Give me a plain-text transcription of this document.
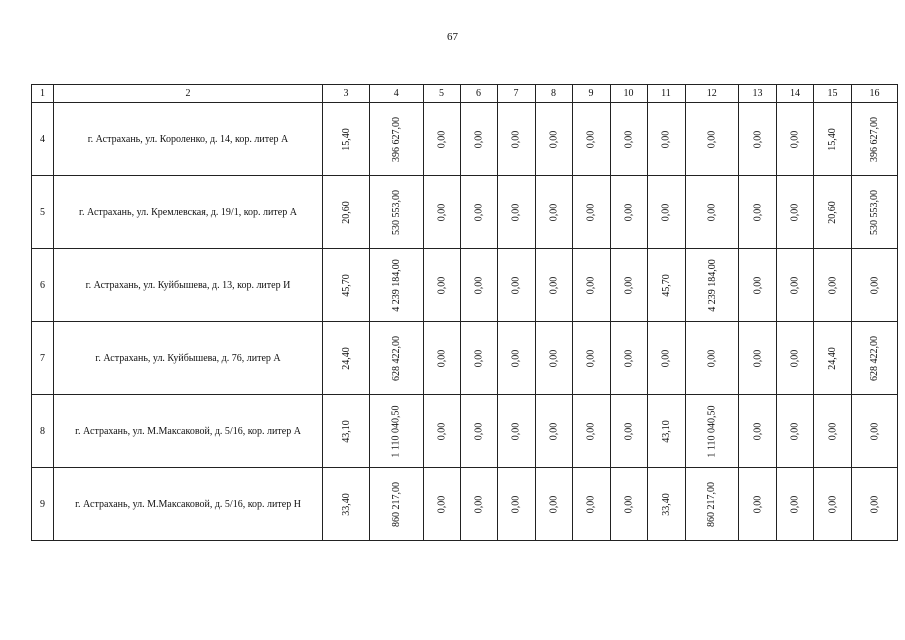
67
1	2	3	4	5	6	7	8	9	10	11	12	13	14	15	16
4	г. Астрахань, ул. Короленко, д. 14, кор. литер А	15,40	396 627,00	0,00	0,00	0,00	0,00	0,00	0,00	0,00	0,00	0,00	0,00	15,40	396 627,00
5	г. Астрахань, ул. Кремлевская, д. 19/1, кор. литер А	20,60	530 553,00	0,00	0,00	0,00	0,00	0,00	0,00	0,00	0,00	0,00	0,00	20,60	530 553,00
6	г. Астрахань, ул. Куйбышева, д. 13, кор. литер И	45,70	4 239 184,00	0,00	0,00	0,00	0,00	0,00	0,00	45,70	4 239 184,00	0,00	0,00	0,00	0,00
7	г. Астрахань, ул. Куйбышева, д. 76, литер А	24,40	628 422,00	0,00	0,00	0,00	0,00	0,00	0,00	0,00	0,00	0,00	0,00	24,40	628 422,00
8	г. Астрахань, ул. М.Максаковой, д. 5/16, кор. литер А	43,10	1 110 040,50	0,00	0,00	0,00	0,00	0,00	0,00	43,10	1 110 040,50	0,00	0,00	0,00	0,00
9	г. Астрахань, ул. М.Максаковой, д. 5/16, кор. литер Н	33,40	860 217,00	0,00	0,00	0,00	0,00	0,00	0,00	33,40	860 217,00	0,00	0,00	0,00	0,00
